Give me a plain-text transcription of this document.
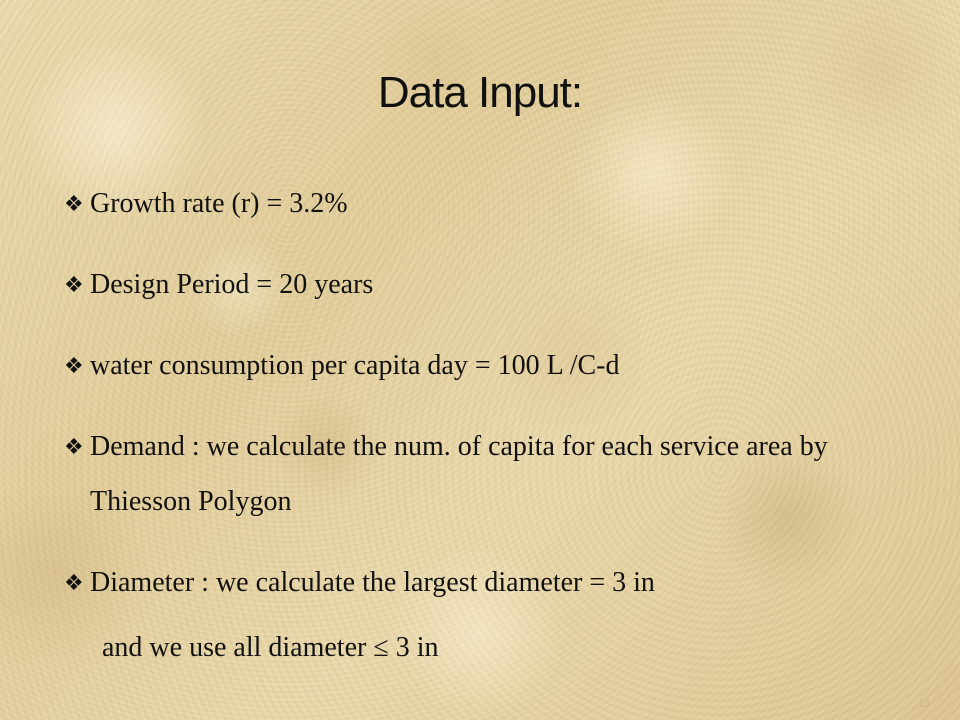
Data Input:
❖ Growth rate (r) = 3.2%
❖ Design Period = 20 years
❖ water consumption per capita day = 100 L /C-d
❖ Demand : we calculate the num. of capita for each service area by Thiesson Polygon
❖ Diameter : we calculate the largest diameter = 3 in

and we use all diameter ≤ 3 in

14
